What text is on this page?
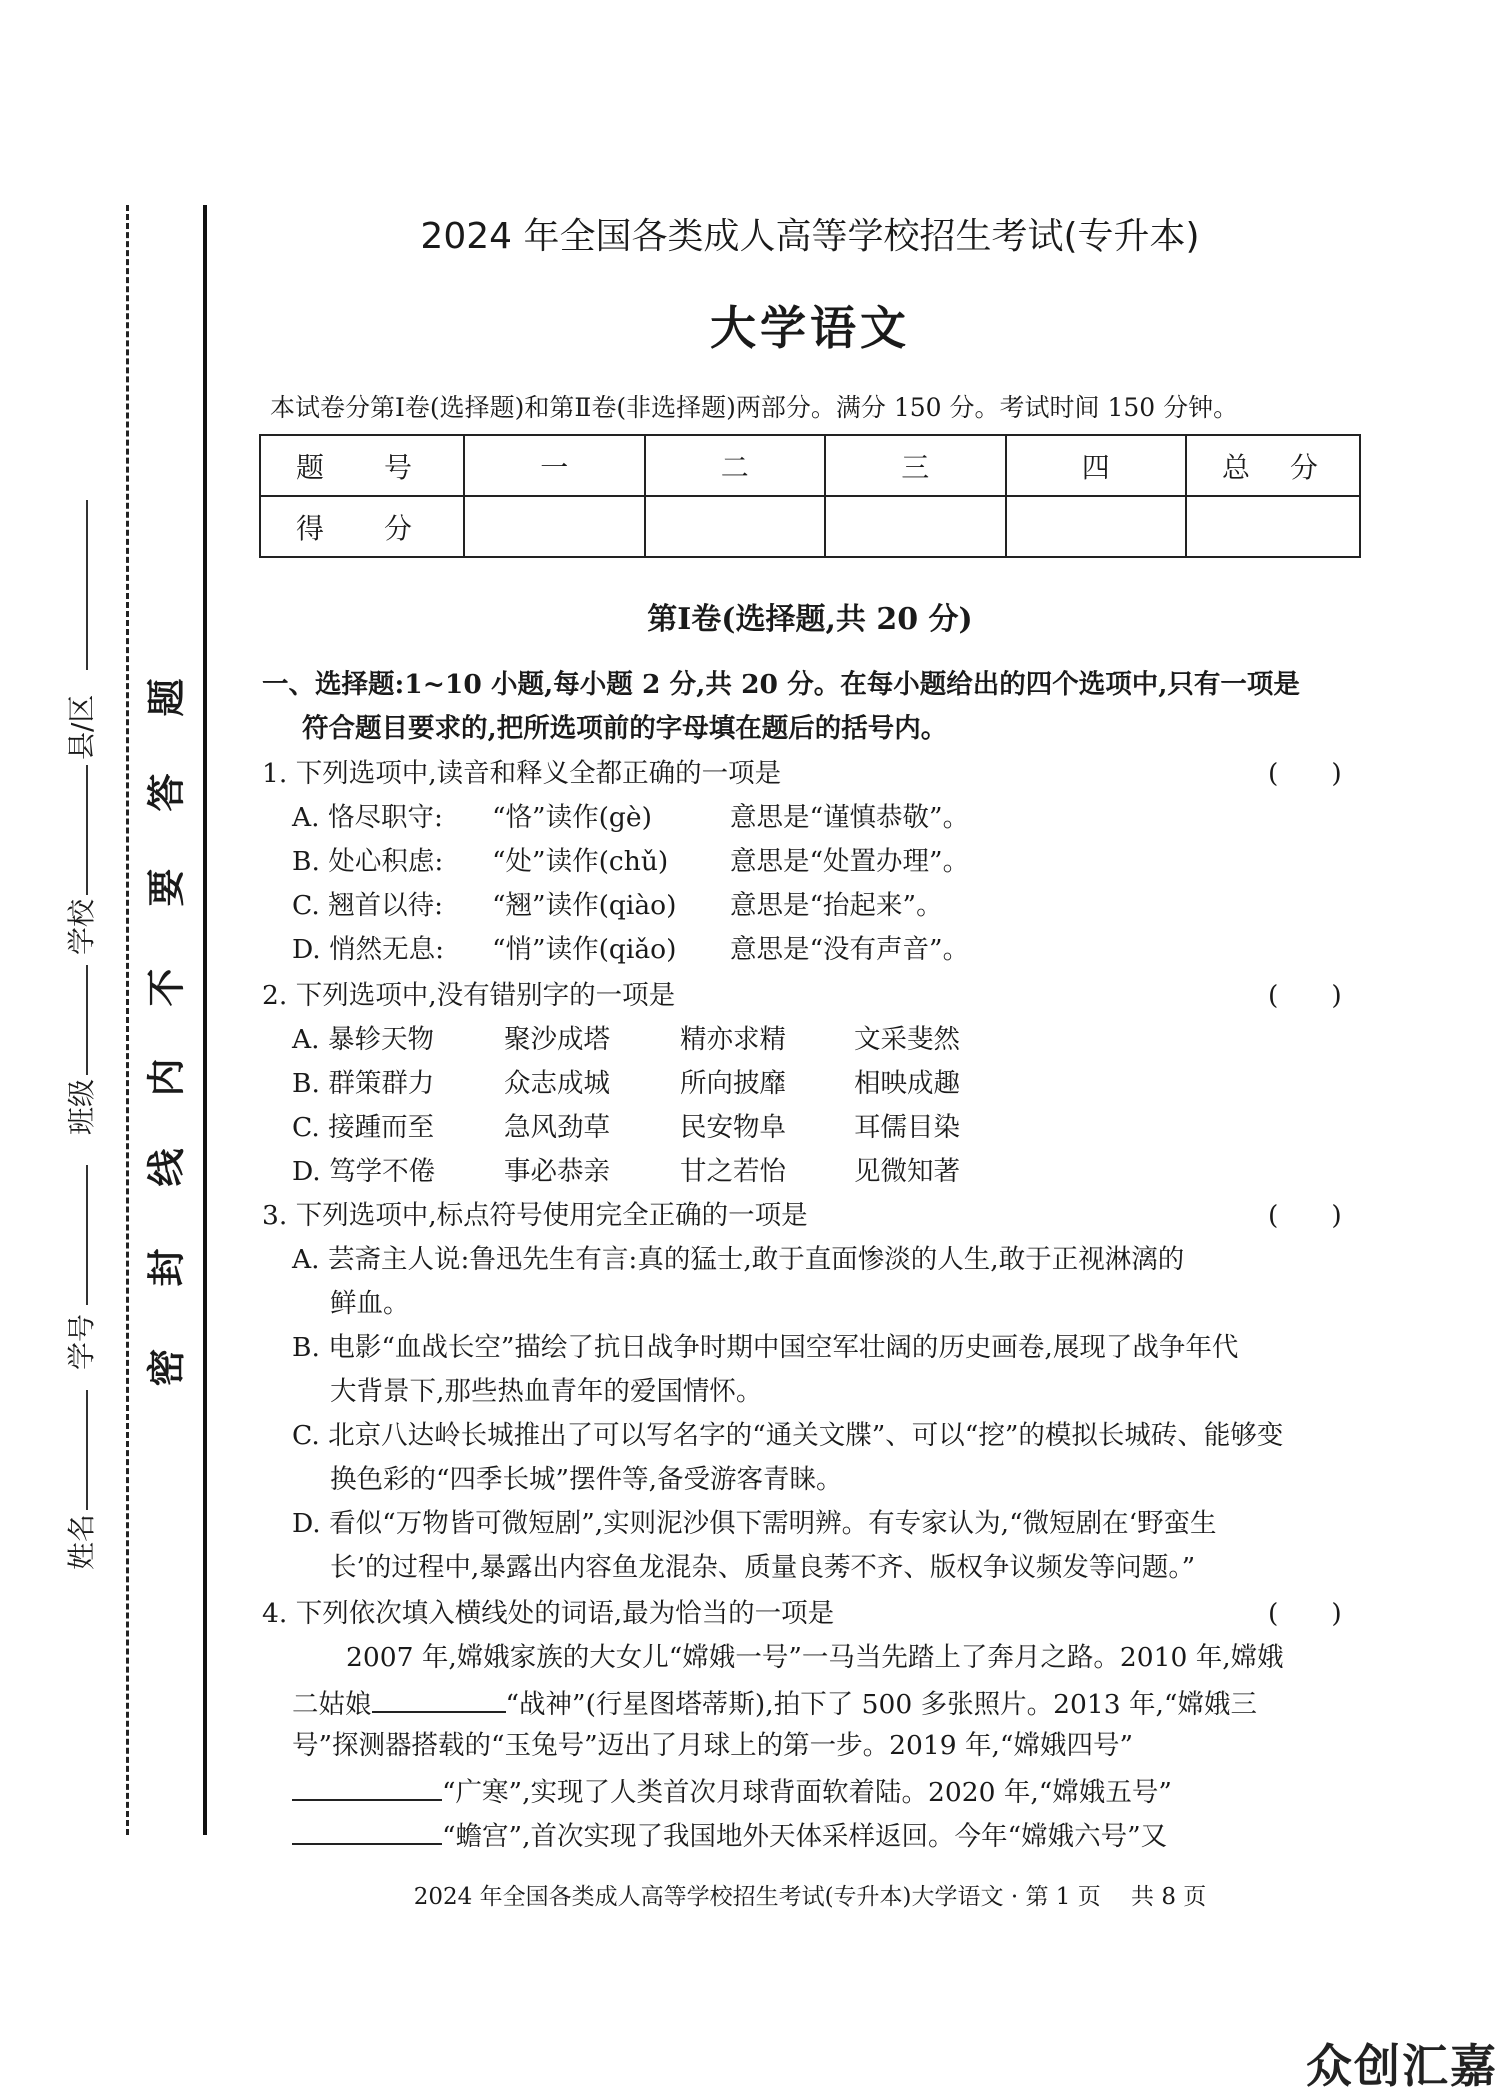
姓名
学号
班级
学校
县/区
密
封
线
内
不
要
答
题
2024 年全国各类成人高等学校招生考试(专升本)
大学语文
本试卷分第Ⅰ卷(选择题)和第Ⅱ卷(非选择题)两部分。满分 150 分。考试时间 150 分钟。
题　号	一	二	三	四	总　分
得　分					
第Ⅰ卷(选择题,共 20 分)
一、选择题:1~10 小题,每小题 2 分,共 20 分。在每小题给出的四个选项中,只有一项是
符合题目要求的,把所选项前的字母填在题后的括号内。
1. 下列选项中,读音和释义全都正确的一项是	(　　)
A. 恪尽职守: “恪”读作(gè)	意思是“谨慎恭敬”。
B. 处心积虑: “处”读作(chǔ) 意思是“处置办理”。
C. 翘首以待: “翘”读作(qiào) 意思是“抬起来”。
D. 悄然无息: “悄”读作(qiǎo) 意思是“没有声音”。
2. 下列选项中,没有错别字的一项是	(　　)
A. 暴轸天物	聚沙成塔	精亦求精	文采斐然
B. 群策群力	众志成城	所向披靡	相映成趣
C. 接踵而至	急风劲草	民安物阜	耳儒目染
D. 笃学不倦	事必恭亲	甘之若怡	见微知著
3. 下列选项中,标点符号使用完全正确的一项是	(　　)
A. 芸斋主人说:鲁迅先生有言:真的猛士,敢于直面惨淡的人生,敢于正视淋漓的
鲜血。
B. 电影“血战长空”描绘了抗日战争时期中国空军壮阔的历史画卷,展现了战争年代
大背景下,那些热血青年的爱国情怀。
C. 北京八达岭长城推出了可以写名字的“通关文牒”、可以“挖”的模拟长城砖、能够变
换色彩的“四季长城”摆件等,备受游客青睐。
D. 看似“万物皆可微短剧”,实则泥沙俱下需明辨。有专家认为,“微短剧在‘野蛮生
长’的过程中,暴露出内容鱼龙混杂、质量良莠不齐、版权争议频发等问题。”
4. 下列依次填入横线处的词语,最为恰当的一项是	(　　)
2007 年,嫦娥家族的大女儿“嫦娥一号”一马当先踏上了奔月之路。2010 年,嫦娥
二姑娘	“战神”(行星图塔蒂斯),拍下了 500 多张照片。2013 年,“嫦娥三
号”探测器搭载的“玉兔号”迈出了月球上的第一步。2019 年,“嫦娥四号”
“广寒”,实现了人类首次月球背面软着陆。2020 年,“嫦娥五号”
“蟾宫”,首次实现了我国地外天体采样返回。今年“嫦娥六号”又
2024 年全国各类成人高等学校招生考试(专升本)大学语文 · 第 1 页　 共 8 页
众创汇嘉
